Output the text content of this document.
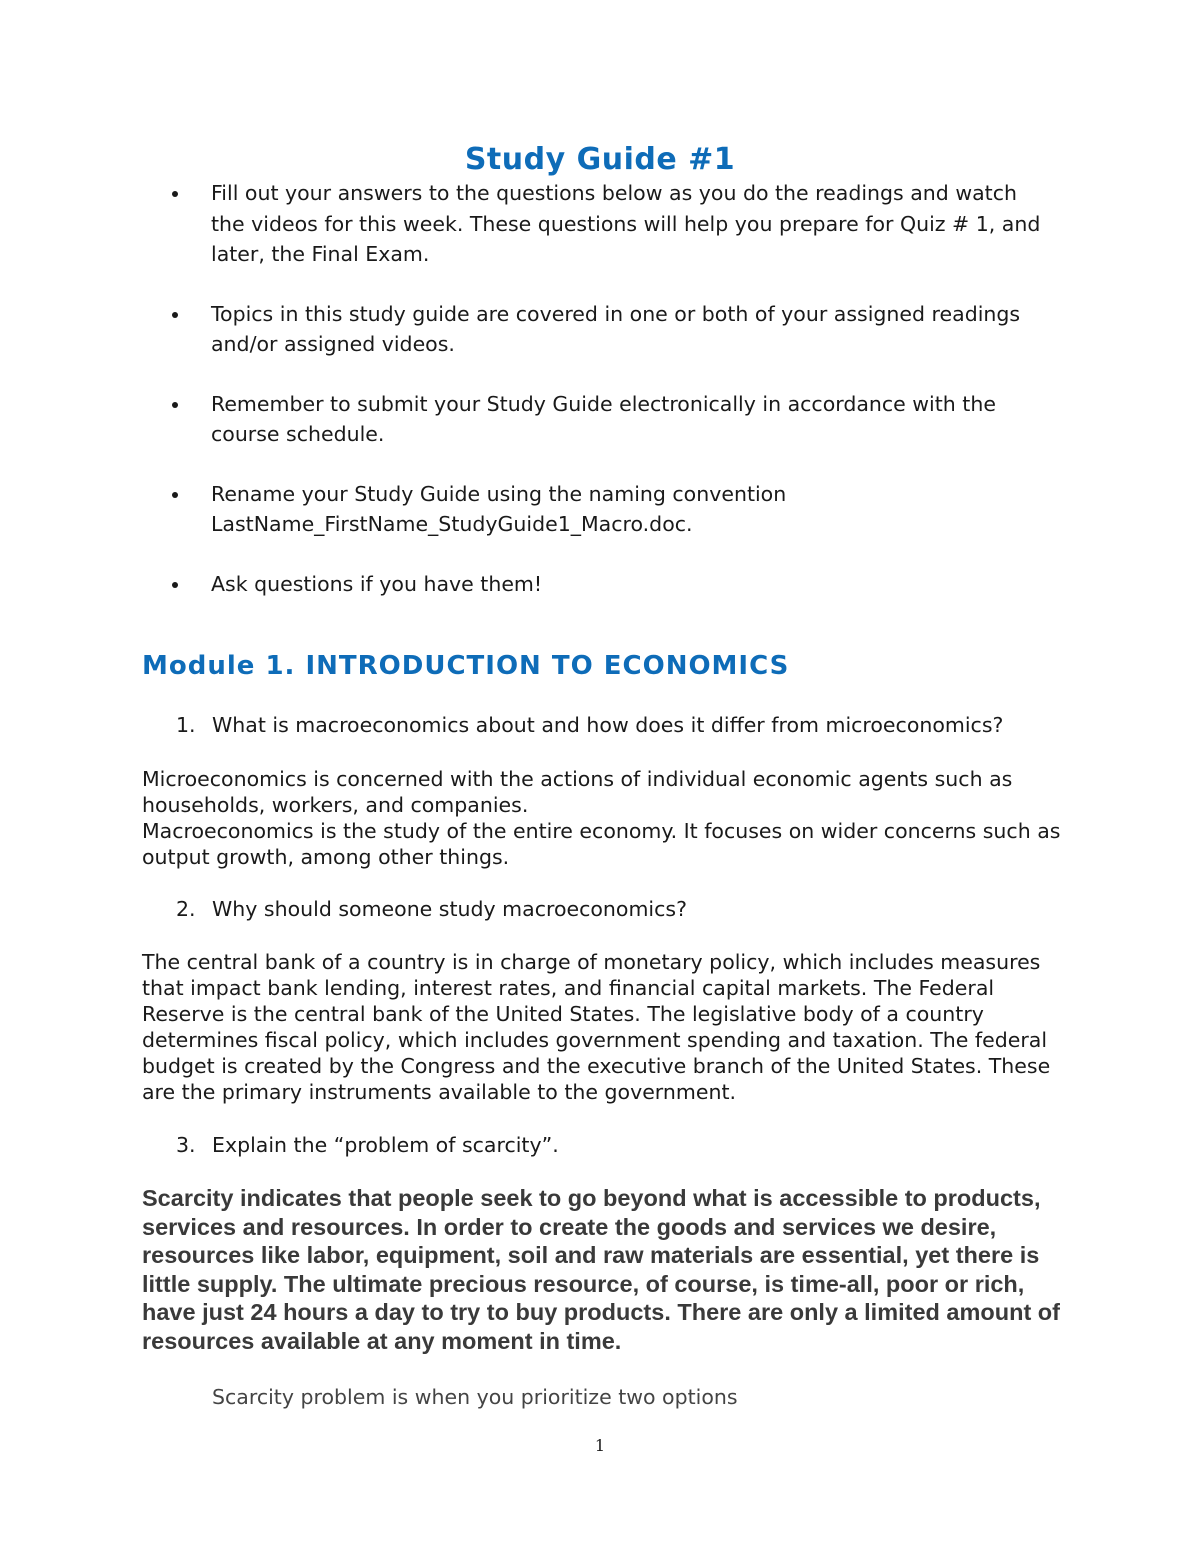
Study Guide #1
Fill out your answers to the questions below as you do the readings and watch the videos for this week. These questions will help you prepare for Quiz # 1, and later, the Final Exam.
Topics in this study guide are covered in one or both of your assigned readings and/or assigned videos.
Remember to submit your Study Guide electronically in accordance with the course schedule.
Rename your Study Guide using the naming convention LastName_FirstName_StudyGuide1_Macro.doc.
Ask questions if you have them!
Module 1. INTRODUCTION TO ECONOMICS
1. What is macroeconomics about and how does it differ from microeconomics?

Microeconomics is concerned with the actions of individual economic agents such as households, workers, and companies.

Macroeconomics is the study of the entire economy. It focuses on wider concerns such as output growth, among other things.

2. Why should someone study macroeconomics?

The central bank of a country is in charge of monetary policy, which includes measures that impact bank lending, interest rates, and financial capital markets. The Federal Reserve is the central bank of the United States. The legislative body of a country determines fiscal policy, which includes government spending and taxation. The federal budget is created by the Congress and the executive branch of the United States. These are the primary instruments available to the government.

3. Explain the “problem of scarcity”.
Scarcity indicates that people seek to go beyond what is accessible to products, services and resources. In order to create the goods and services we desire, resources like labor, equipment, soil and raw materials are essential, yet there is little supply. The ultimate precious resource, of course, is time-all, poor or rich, have just 24 hours a day to try to buy products. There are only a limited amount of resources available at any moment in time.
Scarcity problem is when you prioritize two options
1
